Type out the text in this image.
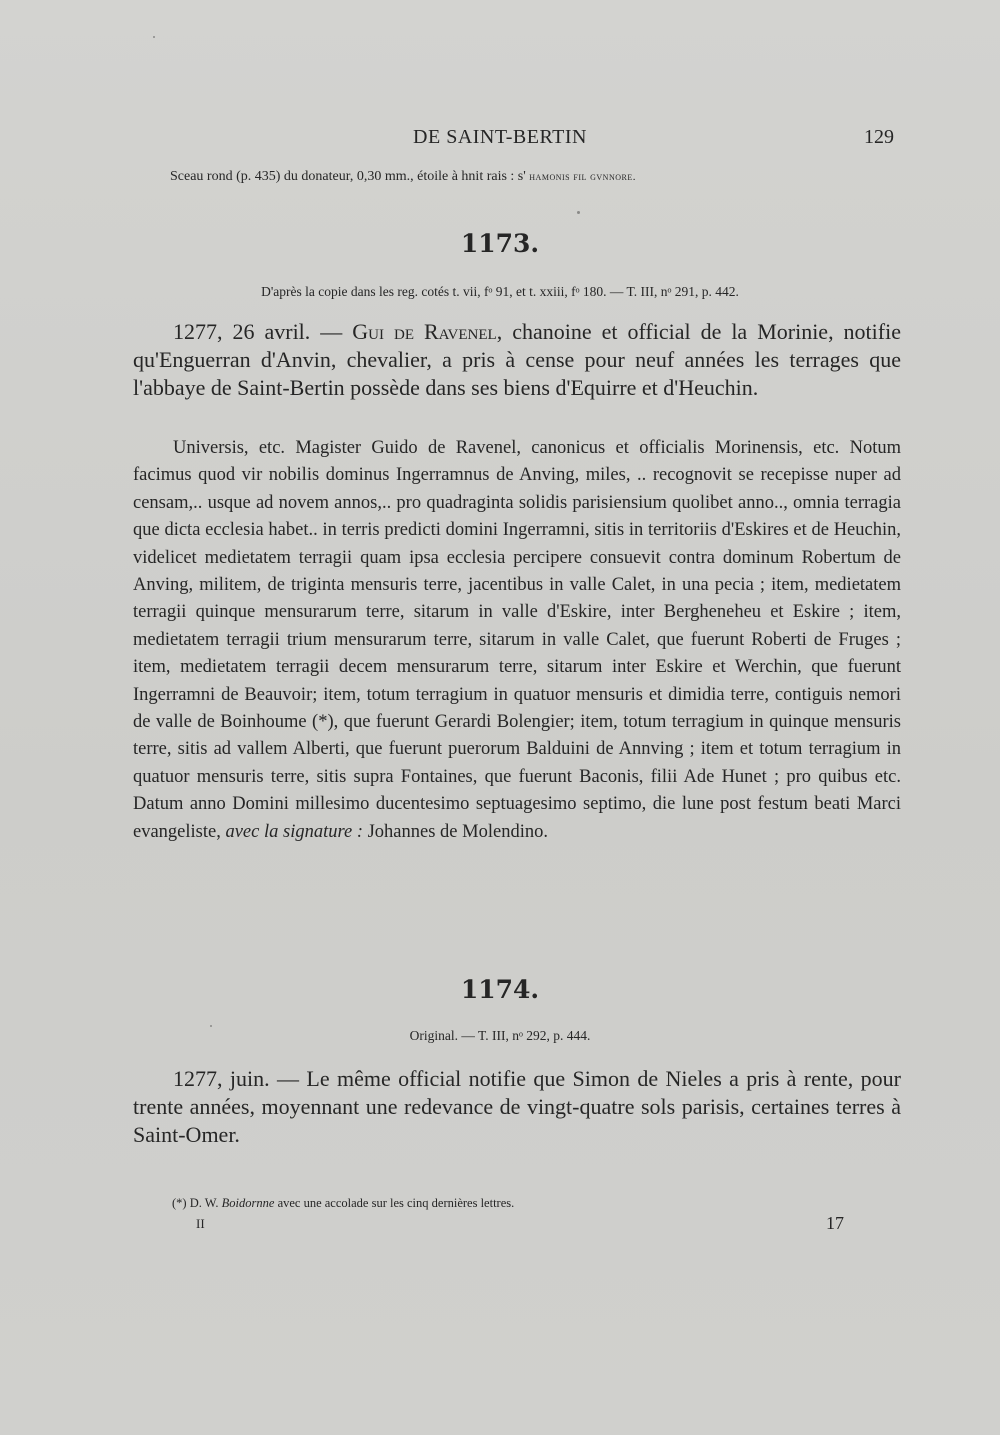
DE SAINT-BERTIN	129
Sceau rond (p. 435) du donateur, 0,30 mm., étoile à hnit rais : s' hamonis fil gvnnore.
1173.
D'après la copie dans les reg. cotés t. vii, fᵒ 91, et t. xxiii, fᵒ 180. — T. III, nᵒ 291, p. 442.
1277, 26 avril. — Gui de Ravenel, chanoine et official de la Morinie, notifie qu'Enguerran d'Anvin, chevalier, a pris à cense pour neuf années les terrages que l'abbaye de Saint-Bertin possède dans ses biens d'Equirre et d'Heuchin.
Universis, etc. Magister Guido de Ravenel, canonicus et officialis Morinensis, etc. Notum facimus quod vir nobilis dominus Ingerramnus de Anving, miles, .. recognovit se recepisse nuper ad censam,.. usque ad novem annos,.. pro quadraginta solidis parisiensium quolibet anno.., omnia terragia que dicta ecclesia habet.. in terris predicti domini Ingerramni, sitis in territoriis d'Eskires et de Heuchin, videlicet medietatem terragii quam ipsa ecclesia percipere consuevit contra dominum Robertum de Anving, militem, de triginta mensuris terre, jacentibus in valle Calet, in una pecia ; item, medietatem terragii quinque mensurarum terre, sitarum in valle d'Eskire, inter Bergheneheu et Eskire ; item, medietatem terragii trium mensurarum terre, sitarum in valle Calet, que fuerunt Roberti de Fruges ; item, medietatem terragii decem mensurarum terre, sitarum inter Eskire et Werchin, que fuerunt Ingerramni de Beauvoir; item, totum terragium in quatuor mensuris et dimidia terre, contiguis nemori de valle de Boinhoume (*), que fuerunt Gerardi Bolengier; item, totum terragium in quinque mensuris terre, sitis ad vallem Alberti, que fuerunt puerorum Balduini de Annving ; item et totum terragium in quatuor mensuris terre, sitis supra Fontaines, que fuerunt Baconis, filii Ade Hunet ; pro quibus etc. Datum anno Domini millesimo ducentesimo septuagesimo septimo, die lune post festum beati Marci evangeliste, avec la signature : Johannes de Molendino.
1174.
Original. — T. III, nᵒ 292, p. 444.
1277, juin. — Le même official notifie que Simon de Nieles a pris à rente, pour trente années, moyennant une redevance de vingt-quatre sols parisis, certaines terres à Saint-Omer.
(*) D. W. Boidornne avec une accolade sur les cinq dernières lettres.
II	17
